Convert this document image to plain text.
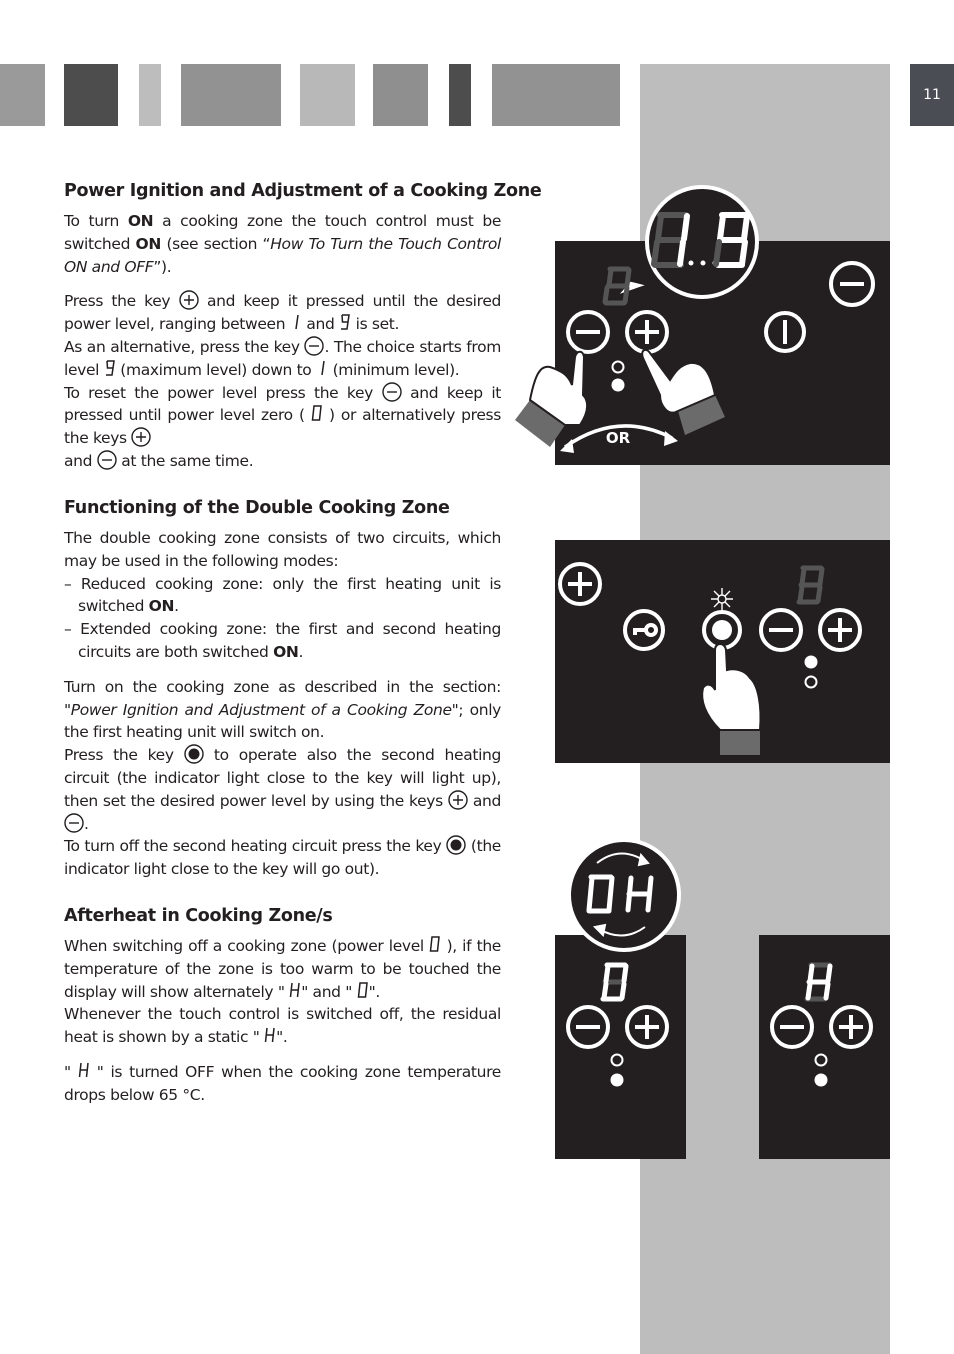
11
Power Ignition and Adjustment of a Cooking Zone

To turn ON a cooking zone the touch control must be switched ON (see section “How To Turn the Touch Control ON and OFF”).

Press the key  and keep it pressed until the desired power level, ranging between  and  is set.
As an alternative, press the key . The choice starts from level  (maximum level) down to  (minimum level).
To reset the power level press the key  and keep it pressed until power level zero (  ) or alternatively press the keys
and  at the same time.

Functioning of the Double Cooking Zone

The double cooking zone consists of two circuits, which may be used in the following modes:

– Reduced cooking zone: only the first heating unit is switched ON.

– Extended cooking zone: the first and second heating circuits are both switched ON.

Turn on the cooking zone as described in the section: "Power Ignition and Adjustment of a Cooking Zone"; only the first heating unit will switch on.
Press the key  to operate also the second heating circuit (the indicator light close to the key will light up), then set the desired power level by using the keys  and .
To turn off the second heating circuit press the key  (the indicator light close to the key will go out).

Afterheat in Cooking Zone/s

When switching off a cooking zone (power level  ), if the temperature of the zone is too warm to be touched the display will show alternately " " and " ".
Whenever the touch control is switched off, the residual heat is shown by a static " ".

"  " is turned OFF when the cooking zone temperature drops below 65 °C.

OR
